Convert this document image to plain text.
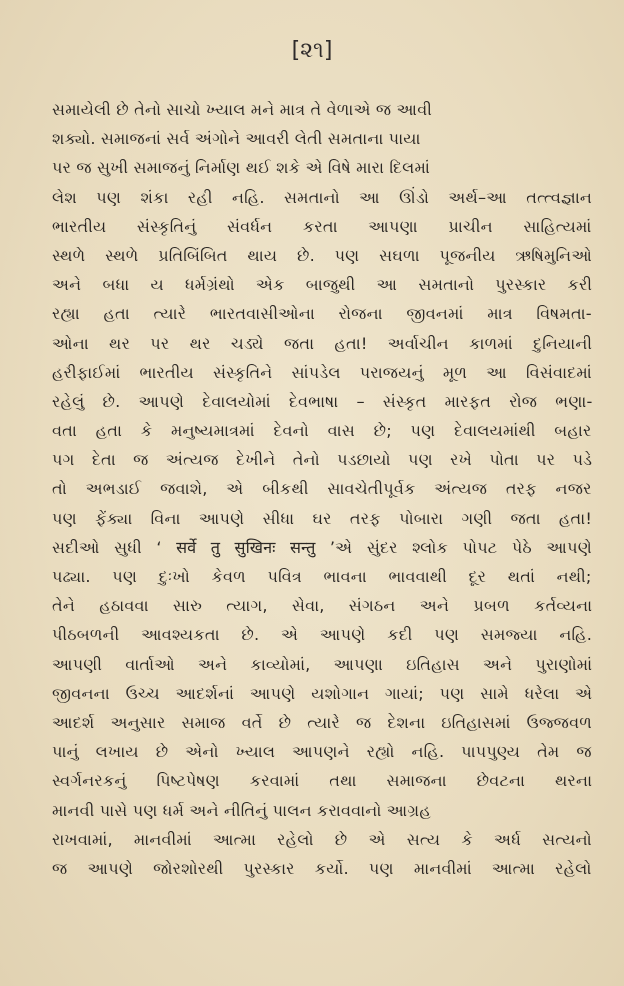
[૨૧]
સમાયેલી છે તેનો સાચો ખ્યાલ મને માત્ર તે વેળાએ જ આવી
શક્યો. સમાજનાં સર્વ અંગોને આવરી લેતી સમતાના પાયા
પર જ સુખી સમાજનું નિર્માણ થઈ શકે એ વિષે મારા દિલમાં
લેશ પણ શંકા રહી નહિ. સમતાનો આ ઊંડો અર્થ–આ તત્ત્વજ્ઞાન
ભારતીય સંસ્કૃતિનું સંવર્ધન કરતા આપણા પ્રાચીન સાહિત્યમાં
સ્થળે સ્થળે પ્રતિબિંબિત થાય છે. પણ સઘળા પૂજનીય ઋષિમુનિઓ
અને બધા ય ધર્મગ્રંથો એક બાજુથી આ સમતાનો પુરસ્કાર કરી
રહ્યા હતા ત્યારે ભારતવાસીઓના રોજના જીવનમાં માત્ર વિષમતા-
ઓના થર પર થર ચડ્યે જતા હતા! અર્વાચીન કાળમાં દુનિયાની
હરીફાઈમાં ભારતીય સંસ્કૃતિને સાંપડેલ પરાજયનું મૂળ આ વિસંવાદમાં
રહેલું છે. આપણે દેવાલયોમાં દેવભાષા – સંસ્કૃત મારફત રોજ ભણા-
વતા હતા કે મનુષ્યમાત્રમાં દેવનો વાસ છે; પણ દેવાલયમાંથી બહાર
પગ દેતા જ અંત્યજ દેખીને તેનો પડછાયો પણ રખે પોતા પર પડે
તો અભડાઈ જવાશે, એ બીકથી સાવચેતીપૂર્વક અંત્યજ તરફ નજર
પણ ફેંક્યા વિના આપણે સીધા ઘર તરફ પોબારા ગણી જતા હતા!
સદીઓ સુધી ‘ सर्वे तु सुखिनः सन्तु ’એ સુંદર શ્લોક પોપટ પેઠે આપણે
પઢ્યા. પણ દુઃખો કેવળ પવિત્ર ભાવના ભાવવાથી દૂર થતાં નથી;
તેને હઠાવવા સારુ ત્યાગ, સેવા, સંગઠન અને પ્રબળ કર્તવ્યના
પીઠબળની આવશ્યકતા છે. એ આપણે કદી પણ સમજ્યા નહિ.
આપણી વાર્તાઓ અને કાવ્યોમાં, આપણા ઇતિહાસ અને પુરાણોમાં
જીવનના ઉચ્ચ આદર્શનાં આપણે યશોગાન ગાયાં; પણ સામે ધરેલા એ
આદર્શ અનુસાર સમાજ વર્તે છે ત્યારે જ દેશના ઇતિહાસમાં ઉજ્જવળ
પાનું લખાય છે એનો ખ્યાલ આપણને રહ્યો નહિ. પાપપુણ્ય તેમ જ
સ્વર્ગનરકનું પિષ્ટપેષણ કરવામાં તથા સમાજના છેવટના થરના
માનવી પાસે પણ ધર્મ અને નીતિનું પાલન કરાવવાનો આગ્રહ
રાખવામાં, માનવીમાં આત્મા રહેલો છે એ સત્ય કે અર્ધ સત્યનો
જ આપણે જોરશોરથી પુરસ્કાર કર્યો. પણ માનવીમાં આત્મા રહેલો
